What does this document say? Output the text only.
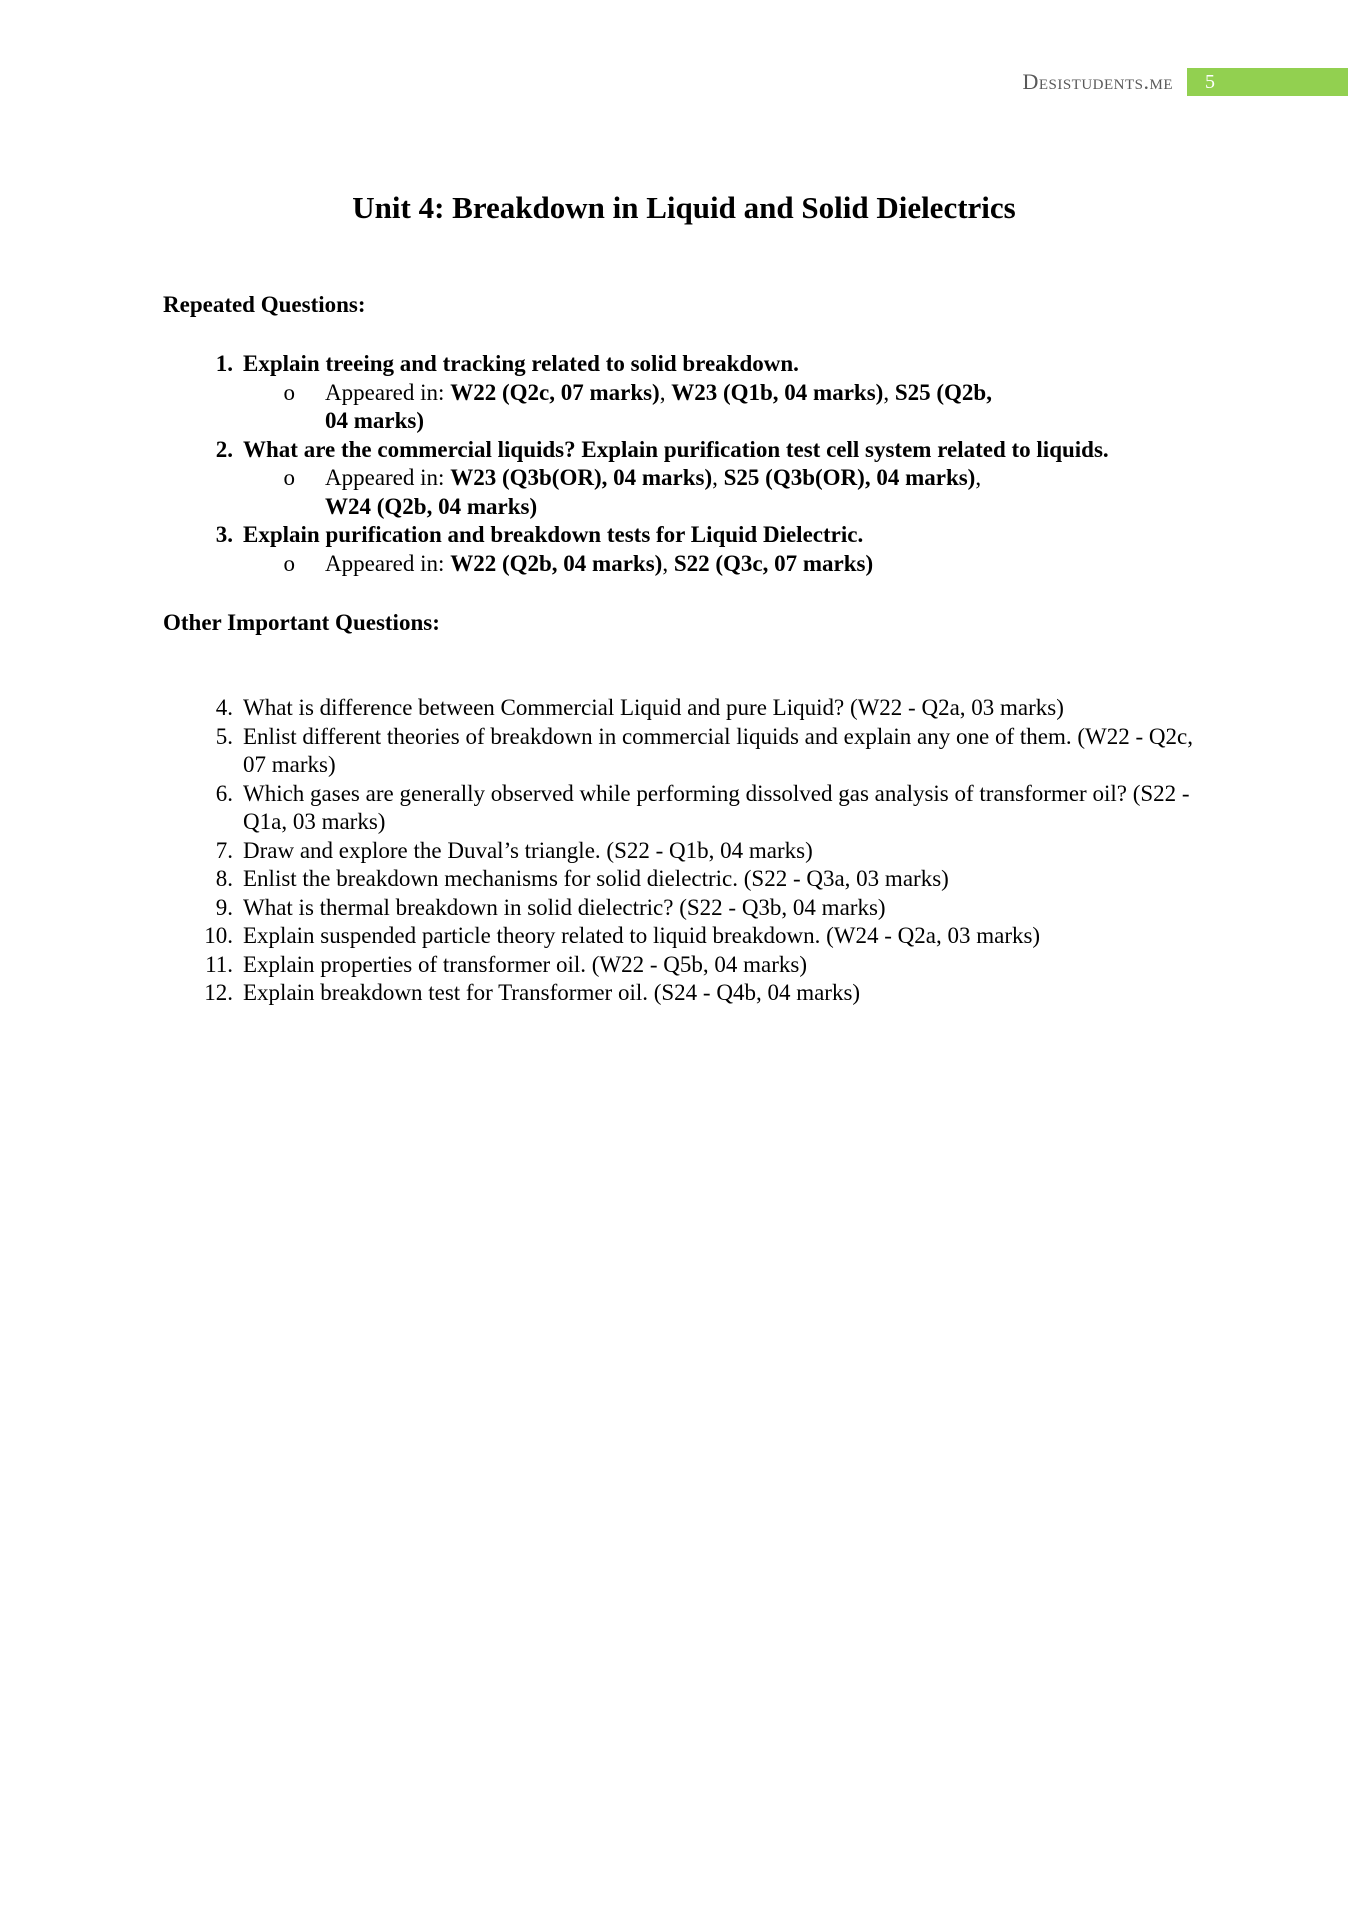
Desistudents.me	5
Unit 4: Breakdown in Liquid and Solid Dielectrics
Repeated Questions:
1. Explain treeing and tracking related to solid breakdown.
o	Appeared in: W22 (Q2c, 07 marks), W23 (Q1b, 04 marks), S25 (Q2b, 04 marks)
2. What are the commercial liquids? Explain purification test cell system related to liquids.
o	Appeared in: W23 (Q3b(OR), 04 marks), S25 (Q3b(OR), 04 marks), W24 (Q2b, 04 marks)
3. Explain purification and breakdown tests for Liquid Dielectric.
o	Appeared in: W22 (Q2b, 04 marks), S22 (Q3c, 07 marks)
Other Important Questions:
4. What is difference between Commercial Liquid and pure Liquid? (W22 - Q2a, 03 marks)
5. Enlist different theories of breakdown in commercial liquids and explain any one of them. (W22 - Q2c, 07 marks)
6. Which gases are generally observed while performing dissolved gas analysis of transformer oil? (S22 - Q1a, 03 marks)
7. Draw and explore the Duval’s triangle. (S22 - Q1b, 04 marks)
8. Enlist the breakdown mechanisms for solid dielectric. (S22 - Q3a, 03 marks)
9. What is thermal breakdown in solid dielectric? (S22 - Q3b, 04 marks)
10. Explain suspended particle theory related to liquid breakdown. (W24 - Q2a, 03 marks)
11. Explain properties of transformer oil. (W22 - Q5b, 04 marks)
12. Explain breakdown test for Transformer oil. (S24 - Q4b, 04 marks)
